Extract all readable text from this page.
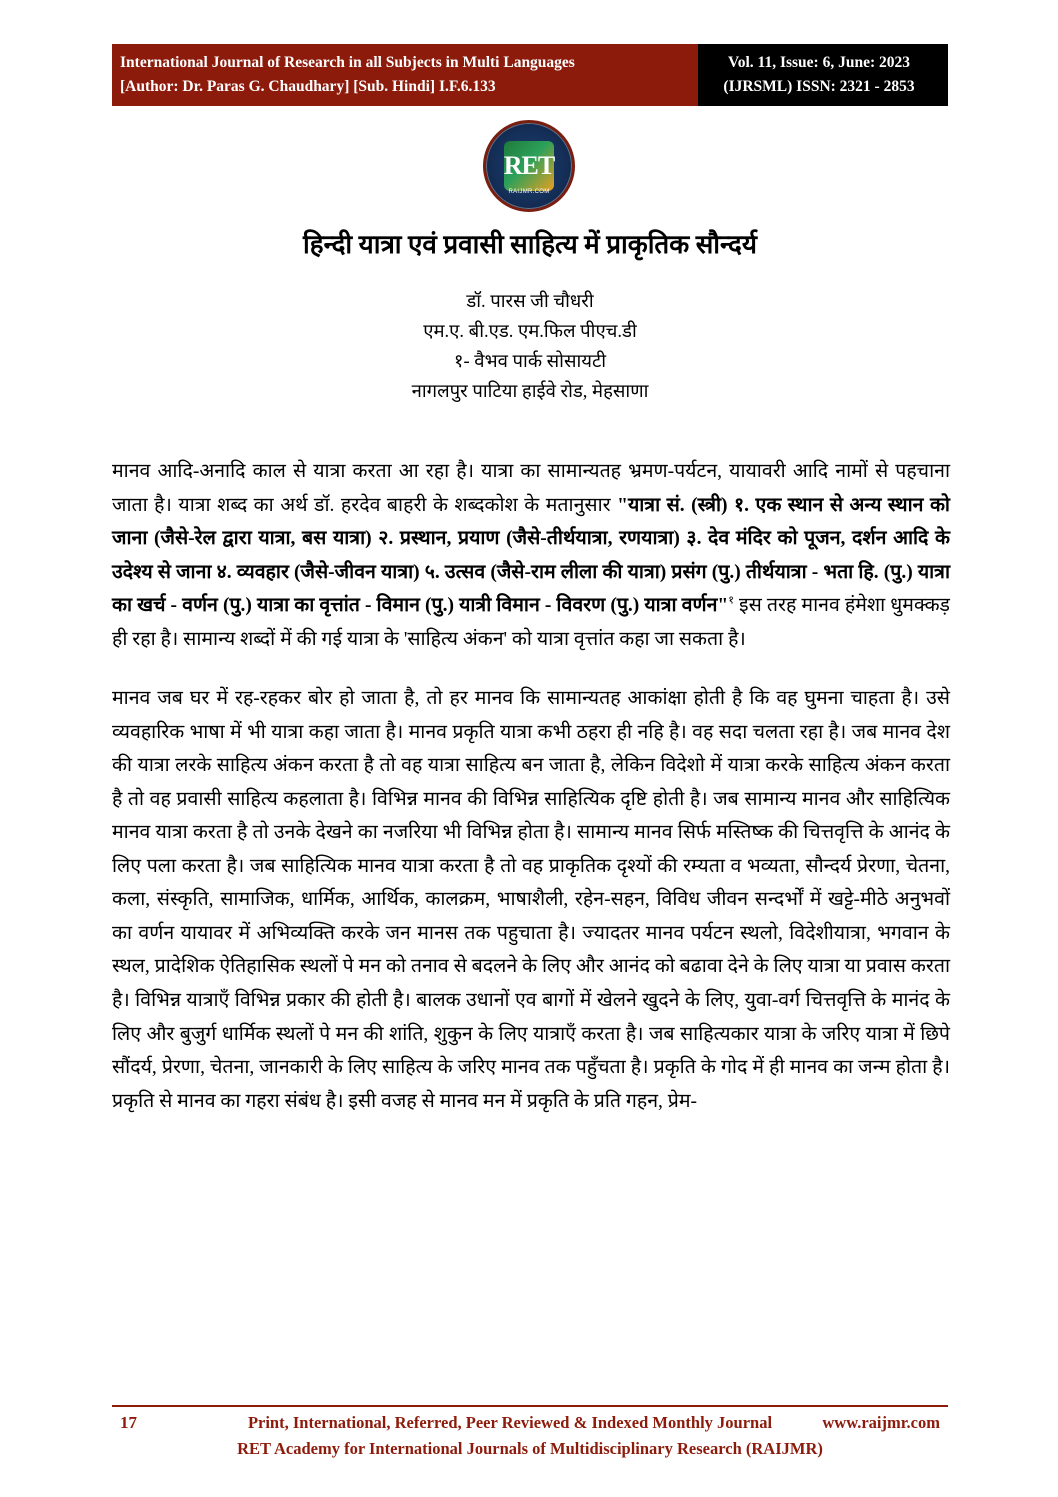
International Journal of Research in all Subjects in Multi Languages
[Author: Dr. Paras G. Chaudhary] [Sub. Hindi] I.F.6.133
Vol. 11, Issue: 6, June: 2023
(IJRSML) ISSN: 2321 - 2853
RET
RAIJMR.COM
हिन्दी यात्रा एवं प्रवासी साहित्य में प्राकृतिक सौन्दर्य
डॉ. पारस जी चौधरी
एम.ए. बी.एड. एम.फिल पीएच.डी
१- वैभव पार्क सोसायटी
नागलपुर पाटिया हाईवे रोड, मेहसाणा

मानव आदि-अनादि काल से यात्रा करता आ रहा है। यात्रा का सामान्यतह भ्रमण-पर्यटन, यायावरी आदि नामों से पहचाना जाता है। यात्रा शब्द का अर्थ डॉ. हरदेव बाहरी के शब्दकोश के मतानुसार "यात्रा सं. (स्त्री) १. एक स्थान से अन्य स्थान को जाना (जैसे-रेल द्वारा यात्रा, बस यात्रा) २. प्रस्थान, प्रयाण (जैसे-तीर्थयात्रा, रणयात्रा) ३. देव मंदिर को पूजन, दर्शन आदि के उदेश्य से जाना ४. व्यवहार (जैसे-जीवन यात्रा) ५. उत्सव (जैसे-राम लीला की यात्रा) प्रसंग (पु.) तीर्थयात्रा - भता हि. (पु.) यात्रा का खर्च - वर्णन (पु.) यात्रा का वृत्तांत - विमान (पु.) यात्री विमान - विवरण (पु.) यात्रा वर्णन"$^१$ इस तरह मानव हंमेशा धुमक्कड़ ही रहा है। सामान्य शब्दों में की गई यात्रा के 'साहित्य अंकन' को यात्रा वृत्तांत कहा जा सकता है।

मानव जब घर में रह-रहकर बोर हो जाता है, तो हर मानव कि सामान्यतह आकांक्षा होती है कि वह घुमना चाहता है। उसे व्यवहारिक भाषा में भी यात्रा कहा जाता है। मानव प्रकृति यात्रा कभी ठहरा ही नहि है। वह सदा चलता रहा है। जब मानव देश की यात्रा लरके साहित्य अंकन करता है तो वह यात्रा साहित्य बन जाता है, लेकिन विदेशो में यात्रा करके साहित्य अंकन करता है तो वह प्रवासी साहित्य कहलाता है। विभिन्न मानव की विभिन्न साहित्यिक दृष्टि होती है। जब सामान्य मानव और साहित्यिक मानव यात्रा करता है तो उनके देखने का नजरिया भी विभिन्न होता है। सामान्य मानव सिर्फ मस्तिष्क की चित्तवृत्ति के आनंद के लिए पला करता है। जब साहित्यिक मानव यात्रा करता है तो वह प्राकृतिक दृश्यों की रम्यता व भव्यता, सौन्दर्य प्रेरणा, चेतना, कला, संस्कृति, सामाजिक, धार्मिक, आर्थिक, कालक्रम, भाषाशैली, रहेन-सहन, विविध जीवन सन्दर्भों में खट्टे-मीठे अनुभवों का वर्णन यायावर में अभिव्यक्ति करके जन मानस तक पहुचाता है। ज्यादतर मानव पर्यटन स्थलो, विदेशीयात्रा, भगवान के स्थल, प्रादेशिक ऐतिहासिक स्थलों पे मन को तनाव से बदलने के लिए और आनंद को बढावा देने के लिए यात्रा या प्रवास करता है। विभिन्न यात्राएँ विभिन्न प्रकार की होती है। बालक उधानों एव बागों में खेलने खुदने के लिए, युवा-वर्ग चित्तवृत्ति के मानंद के लिए और बुजुर्ग धार्मिक स्थलों पे मन की शांति, शुकुन के लिए यात्राएँ करता है। जब साहित्यकार यात्रा के जरिए यात्रा में छिपे सौंदर्य, प्रेरणा, चेतना, जानकारी के लिए साहित्य के जरिए मानव तक पहुँचता है। प्रकृति के गोद में ही मानव का जन्म होता है। प्रकृति से मानव का गहरा संबंध है। इसी वजह से मानव मन में प्रकृति के प्रति गहन, प्रेम-

17	Print, International, Referred, Peer Reviewed & Indexed Monthly Journal	www.raijmr.com
RET Academy for International Journals of Multidisciplinary Research (RAIJMR)
